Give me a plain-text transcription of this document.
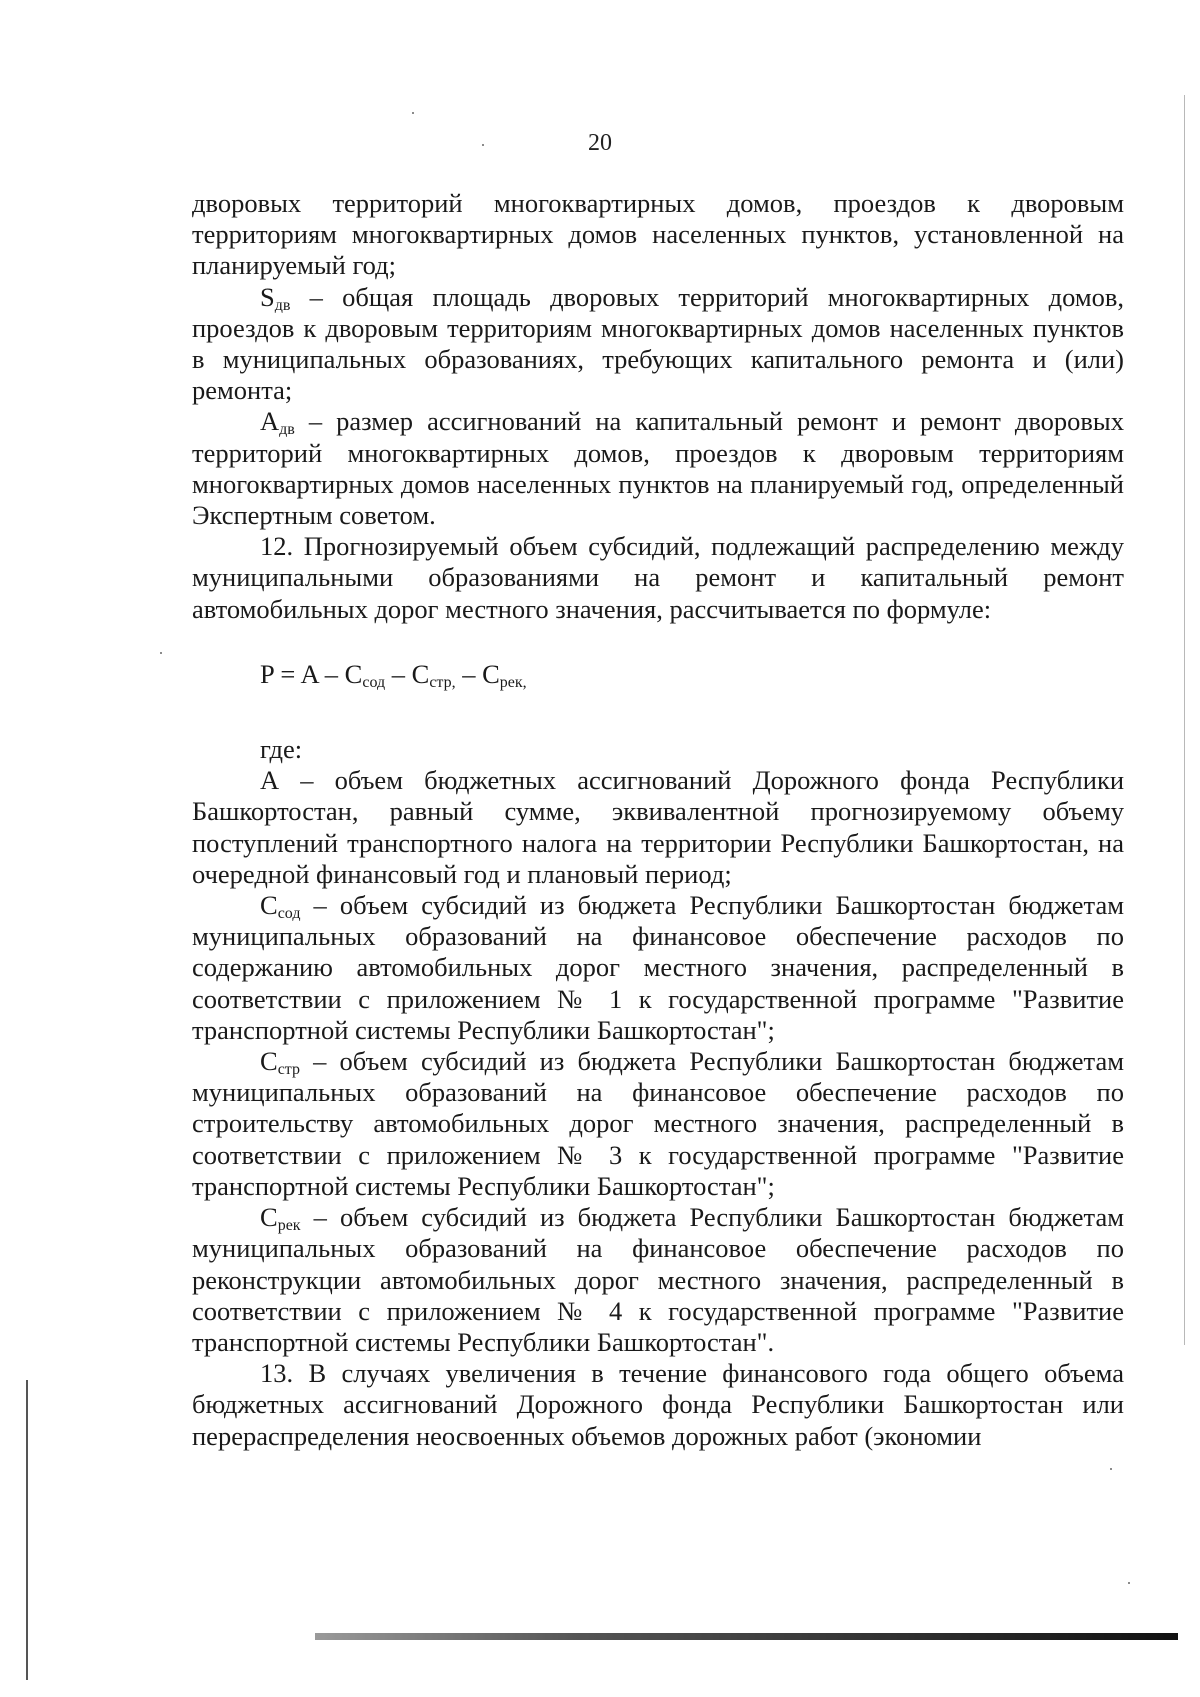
20

дворовых территорий многоквартирных домов, проездов к дворовым территориям многоквартирных домов населенных пунктов, установленной на планируемый год;

$S_{дв}$ – общая площадь дворовых территорий многоквартирных домов, проездов к дворовым территориям многоквартирных домов населенных пунктов в муниципальных образованиях, требующих капитального ремонта и (или) ремонта;

$А_{дв}$ – размер ассигнований на капитальный ремонт и ремонт дворовых территорий многоквартирных домов, проездов к дворовым территориям многоквартирных домов населенных пунктов на планируемый год, определенный Экспертным советом.

12. Прогнозируемый объем субсидий, подлежащий распределению между муниципальными образованиями на ремонт и капитальный ремонт автомобильных дорог местного значения, рассчитывается по формуле:

$P = A - C_{сод} - C_{стр,} - C_{рек,}$

где:

А – объем бюджетных ассигнований Дорожного фонда Республики Башкортостан, равный сумме, эквивалентной прогнозируемому объему поступлений транспортного налога на территории Республики Башкортостан, на очередной финансовый год и плановый период;

$С_{сод}$ – объем субсидий из бюджета Республики Башкортостан бюджетам муниципальных образований на финансовое обеспечение расходов по содержанию автомобильных дорог местного значения, распределенный в соответствии с приложением № 1 к государственной программе "Развитие транспортной системы Республики Башкортостан";

$С_{стр}$ – объем субсидий из бюджета Республики Башкортостан бюджетам муниципальных образований на финансовое обеспечение расходов по строительству автомобильных дорог местного значения, распределенный в соответствии с приложением № 3 к государственной программе "Развитие транспортной системы Республики Башкортостан";

$С_{рек}$ – объем субсидий из бюджета Республики Башкортостан бюджетам муниципальных образований на финансовое обеспечение расходов по реконструкции автомобильных дорог местного значения, распределенный в соответствии с приложением № 4 к государственной программе "Развитие транспортной системы Республики Башкортостан".

13. В случаях увеличения в течение финансового года общего объема бюджетных ассигнований Дорожного фонда Республики Башкортостан или перераспределения неосвоенных объемов дорожных работ (экономии
